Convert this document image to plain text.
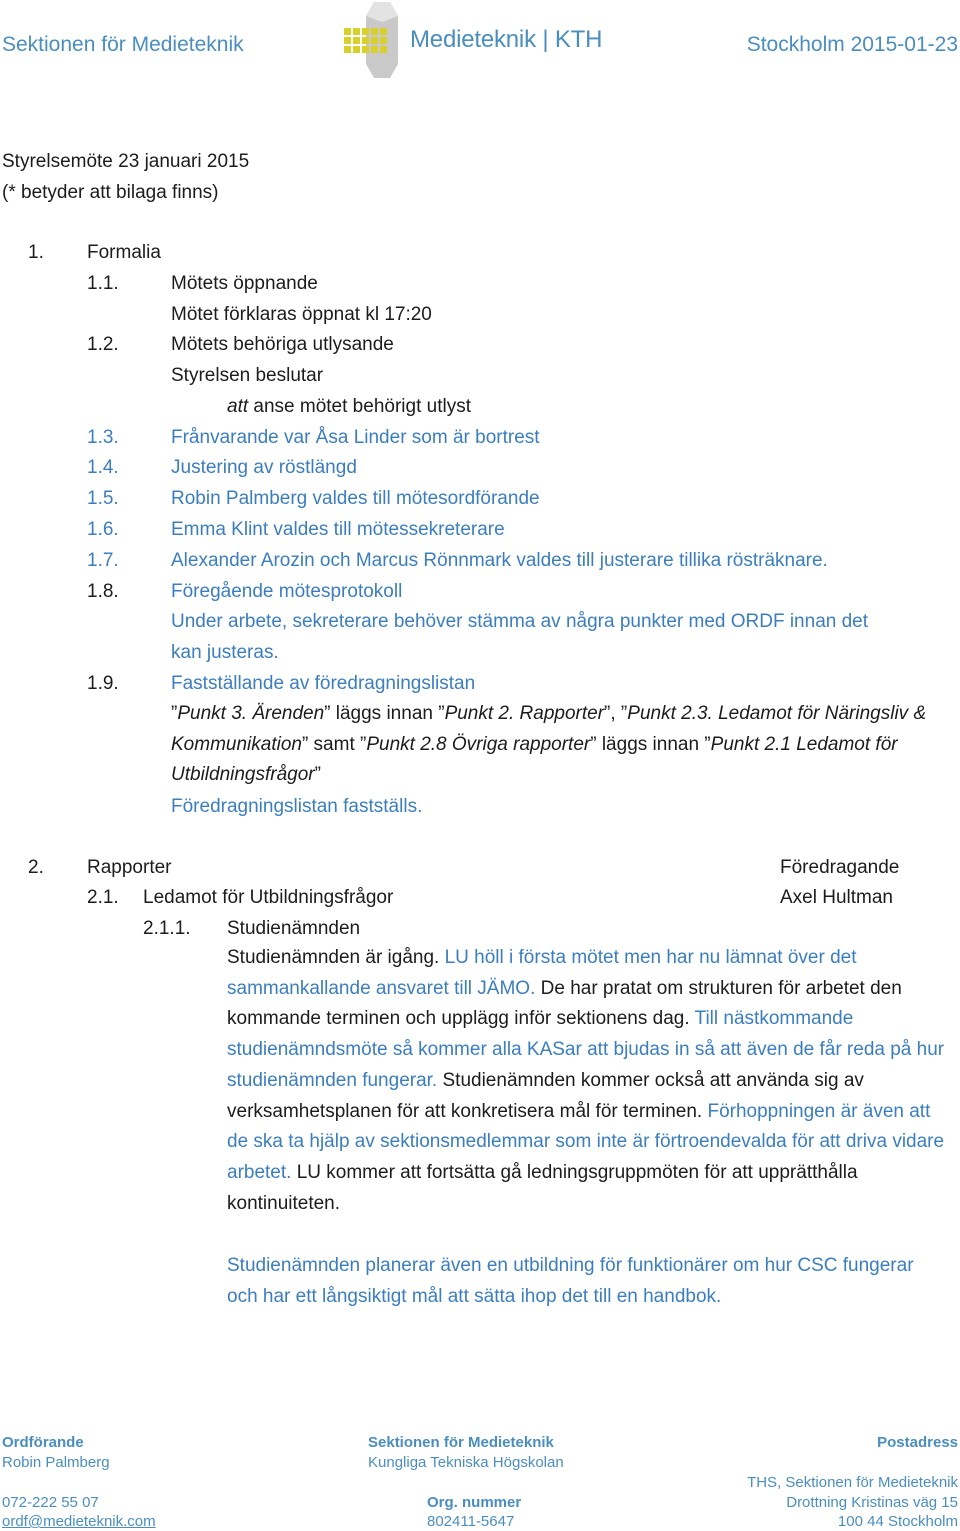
Sektionen för Medieteknik	Medieteknik | KTH	Stockholm 2015-01-23
Styrelsemöte 23 januari 2015
(* betyder att bilaga finns)
1. Formalia
1.1.	Mötets öppnande
Mötet förklaras öppnat kl 17:20
1.2.	Mötets behöriga utlysande
Styrelsen beslutar
att anse mötet behörigt utlyst
1.3.	Frånvarande var Åsa Linder som är bortrest
1.4.	Justering av röstlängd
1.5.	Robin Palmberg valdes till mötesordförande
1.6.	Emma Klint valdes till mötessekreterare
1.7.	Alexander Arozin och Marcus Rönnmark valdes till justerare tillika rösträknare.
1.8.	Föregående mötesprotokoll
Under arbete, sekreterare behöver stämma av några punkter med ORDF innan det
kan justeras.
1.9.	Fastställande av föredragningslistan
”Punkt 3. Ärenden” läggs innan ”Punkt 2. Rapporter”, ”Punkt 2.3. Ledamot för Näringsliv & Kommunikation” samt ”Punkt 2.8 Övriga rapporter” läggs innan ”Punkt 2.1 Ledamot för Utbildningsfrågor”
Föredragningslistan fastställs.
2. Rapporter	Föredragande
2.1. Ledamot för Utbildningsfrågor	Axel Hultman
2.1.1. Studienämnden
Studienämnden är igång. LU höll i första mötet men har nu lämnat över det sammankallande ansvaret till JÄMO. De har pratat om strukturen för arbetet den kommande terminen och upplägg inför sektionens dag. Till nästkommande studienämndsmöte så kommer alla KASar att bjudas in så att även de får reda på hur studienämnden fungerar. Studienämnden kommer också att använda sig av verksamhetsplanen för att konkretisera mål för terminen. Förhoppningen är även att de ska ta hjälp av sektionsmedlemmar som inte är förtroendevalda för att driva vidare arbetet. LU kommer att fortsätta gå ledningsgruppmöten för att upprätthålla kontinuiteten.
Studienämnden planerar även en utbildning för funktionärer om hur CSC fungerar och har ett långsiktigt mål att sätta ihop det till en handbok.
Ordförande
Robin Palmberg
072-222 55 07
ordf@medieteknik.com
Sektionen för Medieteknik
Kungliga Tekniska Högskolan
Org. nummer
802411-5647
Postadress
THS, Sektionen för Medieteknik
Drottning Kristinas väg 15
100 44 Stockholm
